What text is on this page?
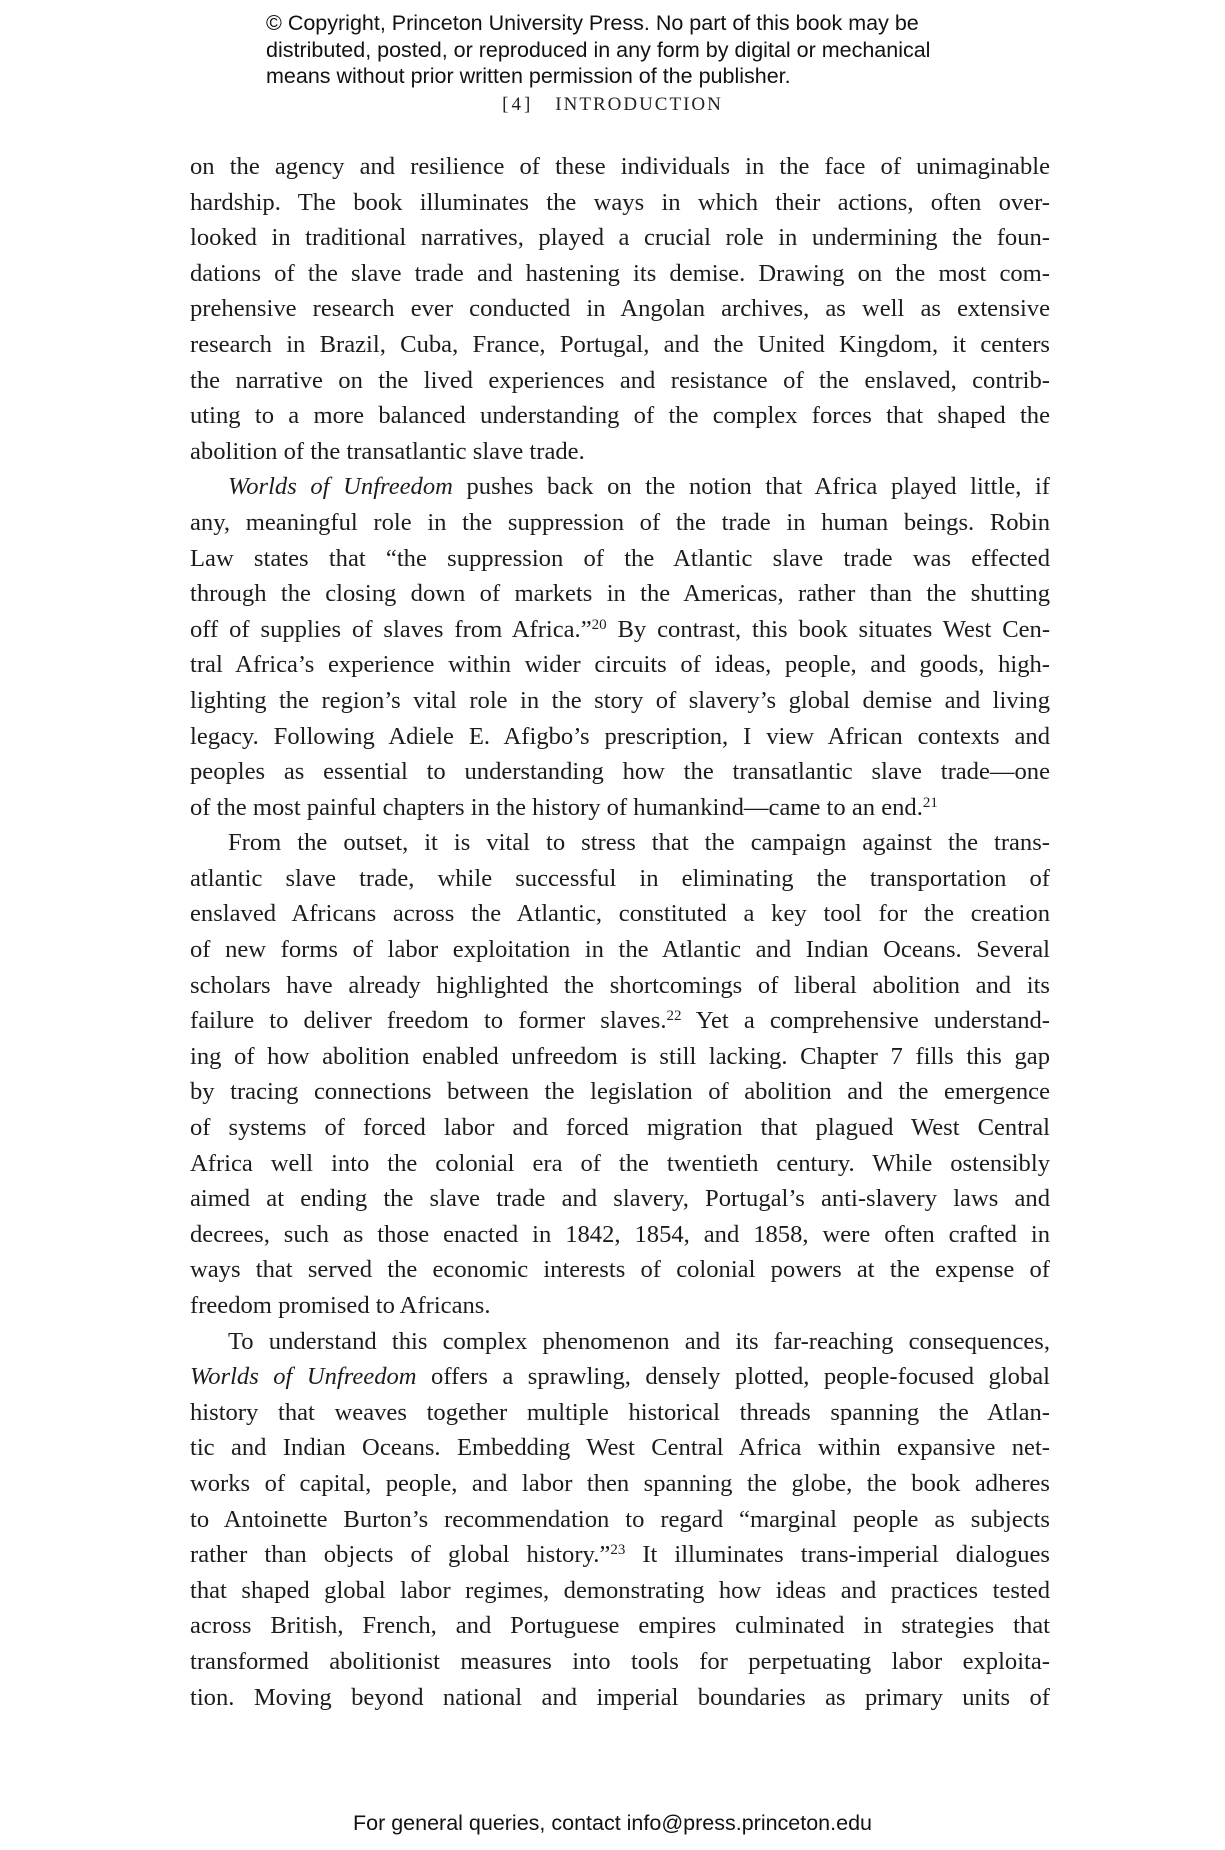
© Copyright, Princeton University Press. No part of this book may be
distributed, posted, or reproduced in any form by digital or mechanical
means without prior written permission of the publisher.
[4] INTRODUCTION
on the agency and resilience of these individuals in the face of unimaginable
hardship. The book illuminates the ways in which their actions, often over-
looked in traditional narratives, played a crucial role in undermining the foun-
dations of the slave trade and hastening its demise. Drawing on the most com-
prehensive research ever conducted in Angolan archives, as well as extensive
research in Brazil, Cuba, France, Portugal, and the United Kingdom, it centers
the narrative on the lived experiences and resistance of the enslaved, contrib-
uting to a more balanced understanding of the complex forces that shaped the
abolition of the transatlantic slave trade.
Worlds of Unfreedom pushes back on the notion that Africa played little, if
any, meaningful role in the suppression of the trade in human beings. Robin
Law states that “the suppression of the Atlantic slave trade was effected
through the closing down of markets in the Americas, rather than the shutting
off of supplies of slaves from Africa.”$^{20}$ By contrast, this book situates West Cen-
tral Africa’s experience within wider circuits of ideas, people, and goods, high-
lighting the region’s vital role in the story of slavery’s global demise and living
legacy. Following Adiele E. Afigbo’s prescription, I view African contexts and
peoples as essential to understanding how the transatlantic slave trade—one
of the most painful chapters in the history of humankind—came to an end.$^{21}$
From the outset, it is vital to stress that the campaign against the trans-
atlantic slave trade, while successful in eliminating the transportation of
enslaved Africans across the Atlantic, constituted a key tool for the creation
of new forms of labor exploitation in the Atlantic and Indian Oceans. Several
scholars have already highlighted the shortcomings of liberal abolition and its
failure to deliver freedom to former slaves.$^{22}$ Yet a comprehensive understand-
ing of how abolition enabled unfreedom is still lacking. Chapter 7 fills this gap
by tracing connections between the legislation of abolition and the emergence
of systems of forced labor and forced migration that plagued West Central
Africa well into the colonial era of the twentieth century. While ostensibly
aimed at ending the slave trade and slavery, Portugal’s anti-slavery laws and
decrees, such as those enacted in 1842, 1854, and 1858, were often crafted in
ways that served the economic interests of colonial powers at the expense of
freedom promised to Africans.
To understand this complex phenomenon and its far-reaching consequences,
Worlds of Unfreedom offers a sprawling, densely plotted, people-focused global
history that weaves together multiple historical threads spanning the Atlan-
tic and Indian Oceans. Embedding West Central Africa within expansive net-
works of capital, people, and labor then spanning the globe, the book adheres
to Antoinette Burton’s recommendation to regard “marginal people as subjects
rather than objects of global history.”$^{23}$ It illuminates trans-imperial dialogues
that shaped global labor regimes, demonstrating how ideas and practices tested
across British, French, and Portuguese empires culminated in strategies that
transformed abolitionist measures into tools for perpetuating labor exploita-
tion. Moving beyond national and imperial boundaries as primary units of
For general queries, contact info@press.princeton.edu
